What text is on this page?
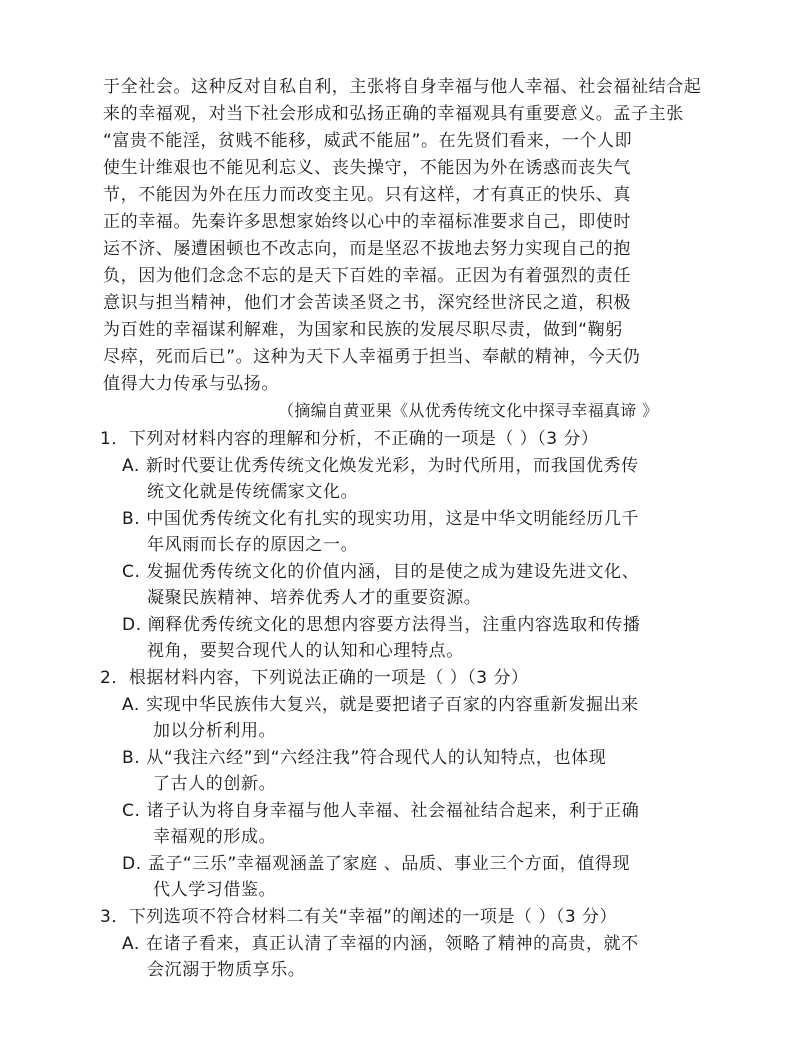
于全社会。这种反对自私自利，主张将自身幸福与他人幸福、社会福祉结合起
来的幸福观，对当下社会形成和弘扬正确的幸福观具有重要意义。孟子主张
“富贵不能淫，贫贱不能移，威武不能屈”。在先贤们看来，一个人即
使生计维艰也不能见利忘义、丧失操守，不能因为外在诱惑而丧失气
节，不能因为外在压力而改变主见。只有这样，才有真正的快乐、真
正的幸福。先秦许多思想家始终以心中的幸福标准要求自己，即使时
运不济、屡遭困顿也不改志向，而是坚忍不拔地去努力实现自己的抱
负，因为他们念念不忘的是天下百姓的幸福。正因为有着强烈的责任
意识与担当精神，他们才会苦读圣贤之书，深究经世济民之道，积极
为百姓的幸福谋利解难，为国家和民族的发展尽职尽责，做到“鞠躬
尽瘁，死而后已”。这种为天下人幸福勇于担当、奉献的精神，今天仍
值得大力传承与弘扬。
（摘编自黄亚果《从优秀传统文化中探寻幸福真谛 》
1．下列对材料内容的理解和分析，不正确的一项是（ ）（3 分）
A. 新时代要让优秀传统文化焕发光彩，为时代所用，而我国优秀传
统文化就是传统儒家文化。
B. 中国优秀传统文化有扎实的现实功用，这是中华文明能经历几千
年风雨而长存的原因之一。
C. 发掘优秀传统文化的价值内涵，目的是使之成为建设先进文化、
凝聚民族精神、培养优秀人才的重要资源。
D. 阐释优秀传统文化的思想内容要方法得当，注重内容选取和传播
视角，要契合现代人的认知和心理特点。
2．根据材料内容，下列说法正确的一项是（ ）（3 分）
A. 实现中华民族伟大复兴，就是要把诸子百家的内容重新发掘出来
加以分析利用。
B. 从“我注六经”到“六经注我”符合现代人的认知特点，也体现
了古人的创新。
C. 诸子认为将自身幸福与他人幸福、社会福祉结合起来，利于正确
幸福观的形成。
D. 孟子“三乐”幸福观涵盖了家庭 、品质、事业三个方面，值得现
代人学习借鉴。
3．下列选项不符合材料二有关“幸福”的阐述的一项是（ ）（3 分）
A. 在诸子看来，真正认清了幸福的内涵，领略了精神的高贵，就不
会沉溺于物质享乐。
